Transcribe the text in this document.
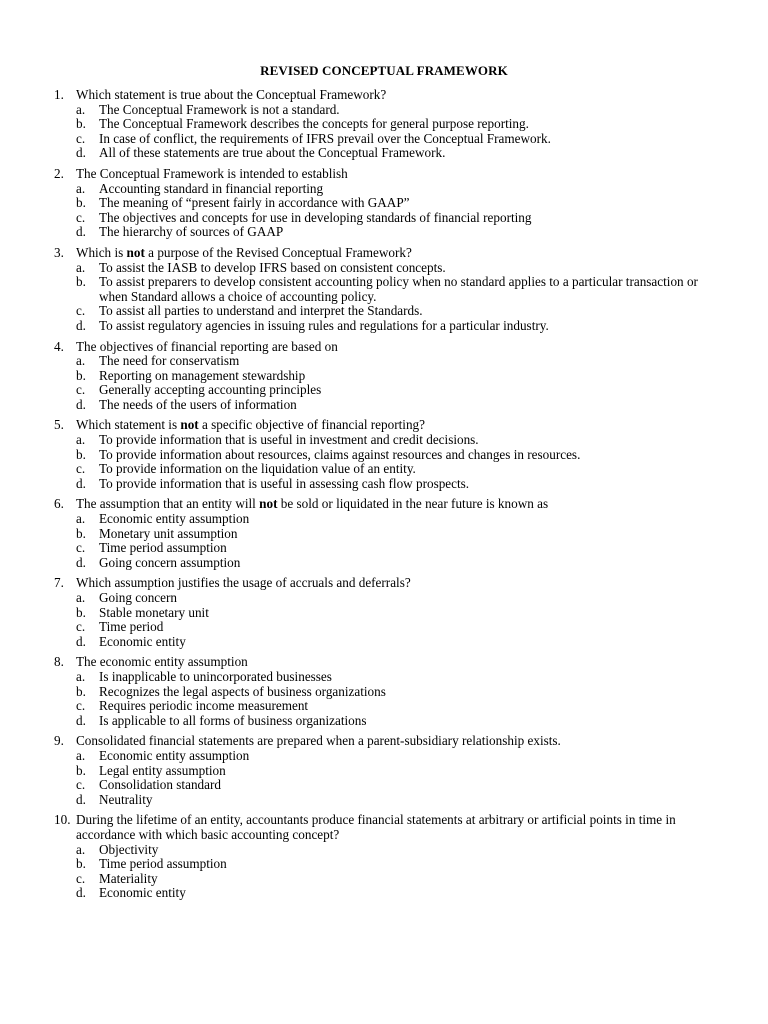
REVISED CONCEPTUAL FRAMEWORK
1. Which statement is true about the Conceptual Framework?
a. The Conceptual Framework is not a standard.
b. The Conceptual Framework describes the concepts for general purpose reporting.
c. In case of conflict, the requirements of IFRS prevail over the Conceptual Framework.
d. All of these statements are true about the Conceptual Framework.
2. The Conceptual Framework is intended to establish
a. Accounting standard in financial reporting
b. The meaning of “present fairly in accordance with GAAP”
c. The objectives and concepts for use in developing standards of financial reporting
d. The hierarchy of sources of GAAP
3. Which is not a purpose of the Revised Conceptual Framework?
a. To assist the IASB to develop IFRS based on consistent concepts.
b. To assist preparers to develop consistent accounting policy when no standard applies to a particular transaction or when Standard allows a choice of accounting policy.
c. To assist all parties to understand and interpret the Standards.
d. To assist regulatory agencies in issuing rules and regulations for a particular industry.
4. The objectives of financial reporting are based on
a. The need for conservatism
b. Reporting on management stewardship
c. Generally accepting accounting principles
d. The needs of the users of information
5. Which statement is not a specific objective of financial reporting?
a. To provide information that is useful in investment and credit decisions.
b. To provide information about resources, claims against resources and changes in resources.
c. To provide information on the liquidation value of an entity.
d. To provide information that is useful in assessing cash flow prospects.
6. The assumption that an entity will not be sold or liquidated in the near future is known as
a. Economic entity assumption
b. Monetary unit assumption
c. Time period assumption
d. Going concern assumption
7. Which assumption justifies the usage of accruals and deferrals?
a. Going concern
b. Stable monetary unit
c. Time period
d. Economic entity
8. The economic entity assumption
a. Is inapplicable to unincorporated businesses
b. Recognizes the legal aspects of business organizations
c. Requires periodic income measurement
d. Is applicable to all forms of business organizations
9. Consolidated financial statements are prepared when a parent-subsidiary relationship exists.
a. Economic entity assumption
b. Legal entity assumption
c. Consolidation standard
d. Neutrality
10. During the lifetime of an entity, accountants produce financial statements at arbitrary or artificial points in time in accordance with which basic accounting concept?
a. Objectivity
b. Time period assumption
c. Materiality
d. Economic entity
